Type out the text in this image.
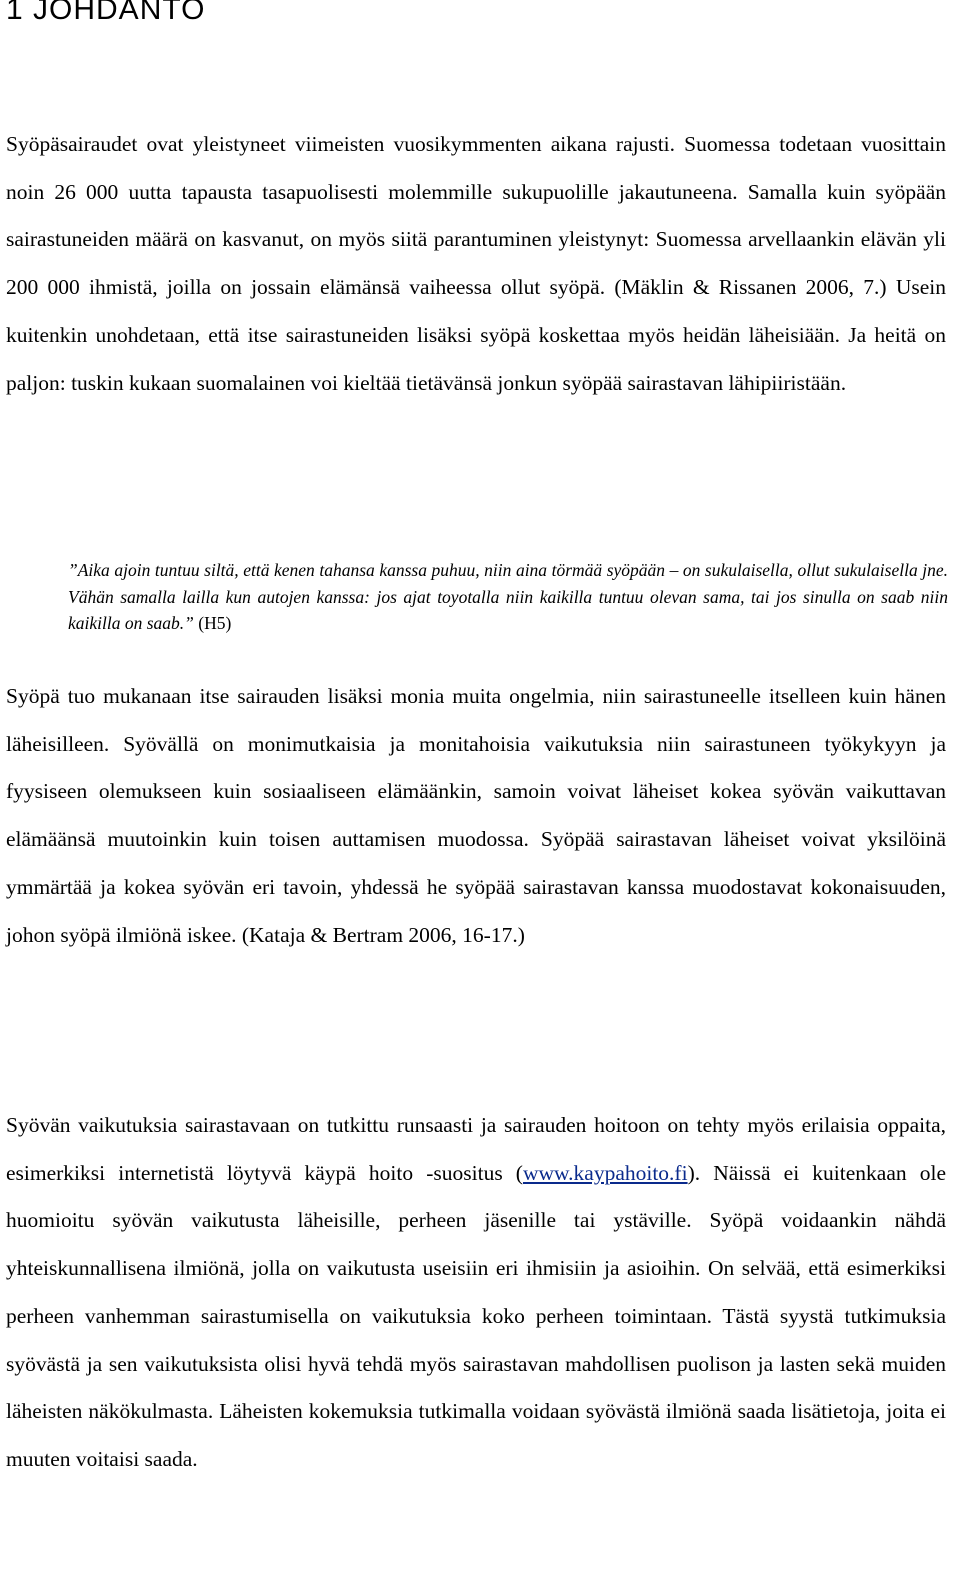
1 JOHDANTO

Syöpäsairaudet ovat yleistyneet viimeisten vuosikymmenten aikana rajusti. Suomessa todetaan vuosittain noin 26 000 uutta tapausta tasapuolisesti molemmille sukupuolille jakautuneena. Samalla kuin syöpään sairastuneiden määrä on kasvanut, on myös siitä parantuminen yleistynyt: Suomessa arvellaankin elävän yli 200 000 ihmistä, joilla on jossain elämänsä vaiheessa ollut syöpä. (Mäklin & Rissanen 2006, 7.) Usein kuitenkin unohdetaan, että itse sairastuneiden lisäksi syöpä koskettaa myös heidän läheisiään. Ja heitä on paljon: tuskin kukaan suomalainen voi kieltää tietävänsä jonkun syöpää sairastavan lähipiiristään.

”Aika ajoin tuntuu siltä, että kenen tahansa kanssa puhuu, niin aina törmää syöpään – on sukulaisella, ollut sukulaisella jne. Vähän samalla lailla kun autojen kanssa: jos ajat toyotalla niin kaikilla tuntuu olevan sama, tai jos sinulla on saab niin kaikilla on saab.” (H5)

Syöpä tuo mukanaan itse sairauden lisäksi monia muita ongelmia, niin sairastuneelle itselleen kuin hänen läheisilleen. Syövällä on monimutkaisia ja monitahoisia vaikutuksia niin sairastuneen työkykyyn ja fyysiseen olemukseen kuin sosiaaliseen elämäänkin, samoin voivat läheiset kokea syövän vaikuttavan elämäänsä muutoinkin kuin toisen auttamisen muodossa. Syöpää sairastavan läheiset voivat yksilöinä ymmärtää ja kokea syövän eri tavoin, yhdessä he syöpää sairastavan kanssa muodostavat kokonaisuuden, johon syöpä ilmiönä iskee. (Kataja & Bertram 2006, 16-17.)

Syövän vaikutuksia sairastavaan on tutkittu runsaasti ja sairauden hoitoon on tehty myös erilaisia oppaita, esimerkiksi internetistä löytyvä käypä hoito -suositus (www.kaypahoito.fi). Näissä ei kuitenkaan ole huomioitu syövän vaikutusta läheisille, perheen jäsenille tai ystäville. Syöpä voidaankin nähdä yhteiskunnallisena ilmiönä, jolla on vaikutusta useisiin eri ihmisiin ja asioihin. On selvää, että esimerkiksi perheen vanhemman sairastumisella on vaikutuksia koko perheen toimintaan. Tästä syystä tutkimuksia syövästä ja sen vaikutuksista olisi hyvä tehdä myös sairastavan mahdollisen puolison ja lasten sekä muiden läheisten näkökulmasta. Läheisten kokemuksia tutkimalla voidaan syövästä ilmiönä saada lisätietoja, joita ei muuten voitaisi saada.
